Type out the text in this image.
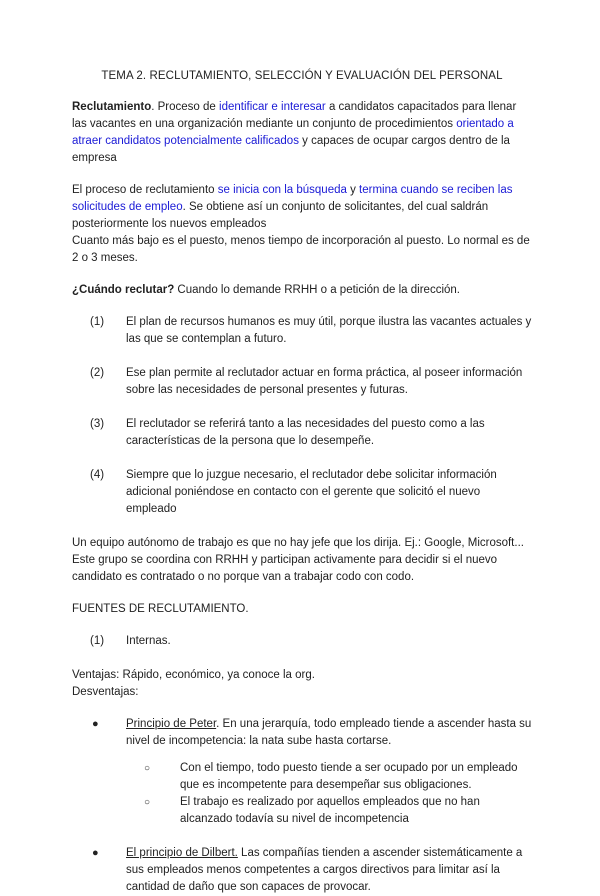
TEMA 2. RECLUTAMIENTO, SELECCIÓN Y EVALUACIÓN DEL PERSONAL

Reclutamiento. Proceso de identificar e interesar a candidatos capacitados para llenar las vacantes en una organización mediante un conjunto de procedimientos orientado a atraer candidatos potencialmente calificados y capaces de ocupar cargos dentro de la empresa

El proceso de reclutamiento se inicia con la búsqueda y termina cuando se reciben las solicitudes de empleo. Se obtiene así un conjunto de solicitantes, del cual saldrán posteriormente los nuevos empleados

Cuanto más bajo es el puesto, menos tiempo de incorporación al puesto. Lo normal es de 2 o 3 meses.

¿Cuándo reclutar? Cuando lo demande RRHH o a petición de la dirección.

(1) El plan de recursos humanos es muy útil, porque ilustra las vacantes actuales y las que se contemplan a futuro.
(2) Ese plan permite al reclutador actuar en forma práctica, al poseer información sobre las necesidades de personal presentes y futuras.
(3) El reclutador se referirá tanto a las necesidades del puesto como a las características de la persona que lo desempeñe.
(4) Siempre que lo juzgue necesario, el reclutador debe solicitar información adicional poniéndose en contacto con el gerente que solicitó el nuevo empleado

Un equipo autónomo de trabajo es que no hay jefe que los dirija. Ej.: Google, Microsoft... Este grupo se coordina con RRHH y participan activamente para decidir si el nuevo candidato es contratado o no porque van a trabajar codo con codo.

FUENTES DE RECLUTAMIENTO.

(1) Internas.

Ventajas: Rápido, económico, ya conoce la org.

Desventajas:

● Principio de Peter. En una jerarquía, todo empleado tiende a ascender hasta su nivel de incompetencia: la nata sube hasta cortarse.
○	Con el tiempo, todo puesto tiende a ser ocupado por un empleado que es incompetente para desempeñar sus obligaciones.
○	El trabajo es realizado por aquellos empleados que no han alcanzado todavía su nivel de incompetencia
● El principio de Dilbert. Las compañías tienden a ascender sistemáticamente a sus empleados menos competentes a cargos directivos para limitar así la cantidad de daño que son capaces de provocar.
